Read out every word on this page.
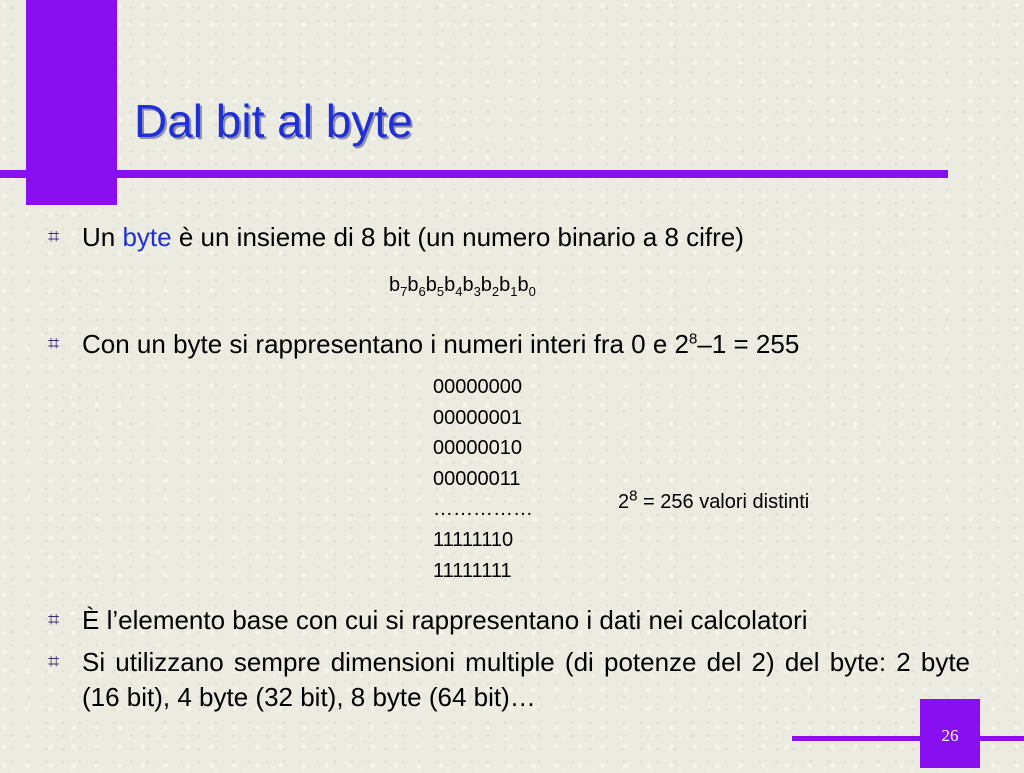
Dal bit al byte
⌗ Un byte è un insieme di 8 bit (un numero binario a 8 cifre)
$b_7b_6b_5b_4b_3b_2b_1b_0$
⌗ Con un byte si rappresentano i numeri interi fra 0 e $2^8-1 = 255$
00000000
00000001
00000010
00000011
……………
11111110
11111111
$2^8 = 256$ valori distinti
⌗ È l’elemento base con cui si rappresentano i dati nei calcolatori
⌗ Si utilizzano sempre dimensioni multiple (di potenze del 2) del byte: 2 byte (16 bit), 4 byte (32 bit), 8 byte (64 bit)…
26
